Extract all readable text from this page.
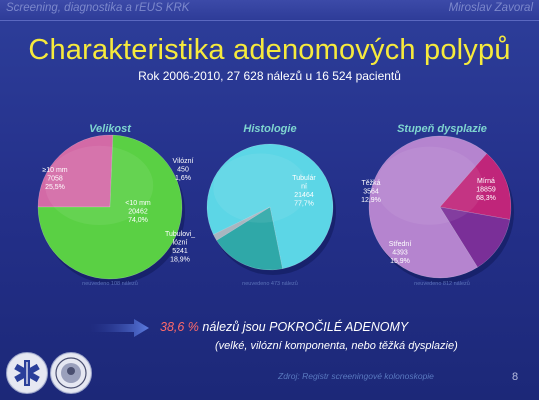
Screening, diagnostika a rEUS KRK	Miroslav Zavoral
Charakteristika adenomových polypů
Rok 2006-2010, 27 628 nálezů u 16 524 pacientů
Velikost	Histologie	Stupeň dysplazie
≥10 mm 7058 25,5%
<10 mm 20462 74,0%
Tubulár ní 21464 77,7%
Tubulovi_ lózní 5241 18,9%
Vilózní 450 1,6%	Mírná 18859 68,3%
Střední 4393 15,9%
Těžká 3564 12,9%
neuvedeno 108 nálezů	neuvedeno 473 nálezů	neuvedeno 812 nálezů
38,6 % nálezů jsou POKROČILÉ ADENOMY
(velké, vilózní komponenta, nebo těžká dysplazie)
Zdroj: Registr screeningové kolonoskopie	8
